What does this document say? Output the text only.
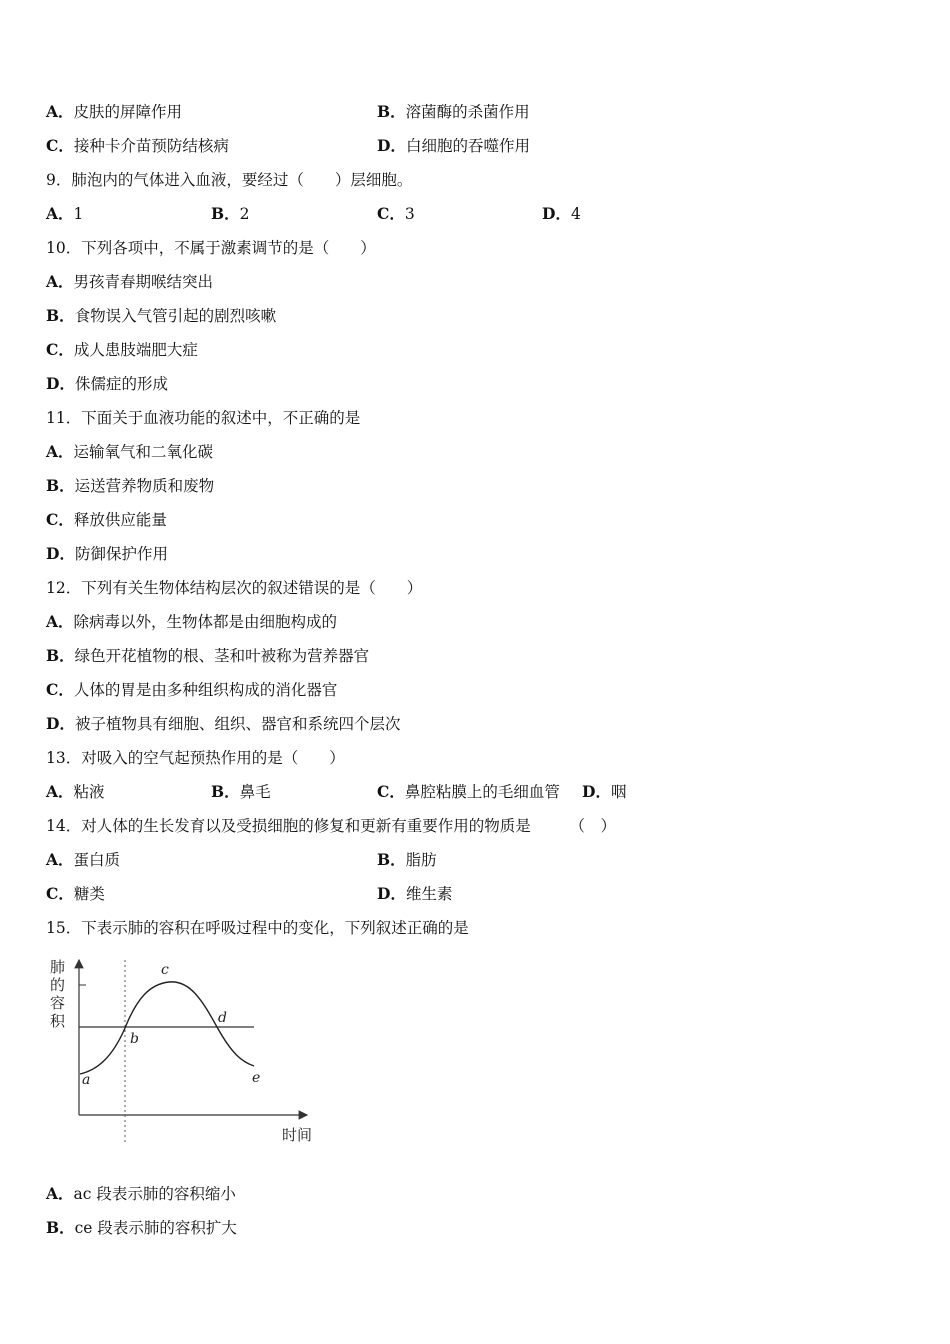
A．皮肤的屏障作用	B．溶菌酶的杀菌作用
C．接种卡介苗预防结核病	D．白细胞的吞噬作用
9．肺泡内的气体进入血液，要经过（　　）层细胞。
A．1	B．2	C．3	D．4
10．下列各项中，不属于激素调节的是（　　）
A．男孩青春期喉结突出
B．食物误入气管引起的剧烈咳嗽
C．成人患肢端肥大症
D．侏儒症的形成
11．下面关于血液功能的叙述中，不正确的是
A．运输氧气和二氧化碳
B．运送营养物质和废物
C．释放供应能量
D．防御保护作用
12．下列有关生物体结构层次的叙述错误的是（　　）
A．除病毒以外，生物体都是由细胞构成的
B．绿色开花植物的根、茎和叶被称为营养器官
C．人体的胃是由多种组织构成的消化器官
D．被子植物具有细胞、组织、器官和系统四个层次
13．对吸入的空气起预热作用的是（　　）
A．粘液	B．鼻毛	C．鼻腔粘膜上的毛细血管 D．咽
14．对人体的生长发育以及受损细胞的修复和更新有重要作用的物质是　　　（　）
A．蛋白质	B．脂肪
C．糖类	D．维生素
15．下表示肺的容积在呼吸过程中的变化，下列叙述正确的是
肺
的
容
积
时间
a
b
c
d
e
A．ac 段表示肺的容积缩小
B．ce 段表示肺的容积扩大
